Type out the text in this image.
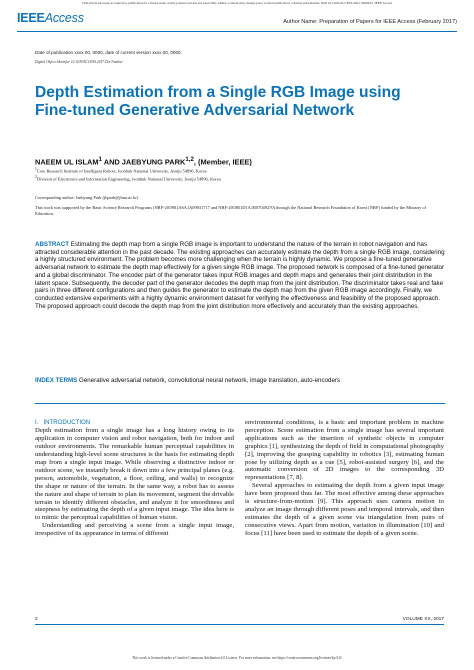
This article has been accepted for publication in a future issue of this journal, but has not been fully edited. Content may change prior to final publication. Citation information: DOI 10.1109/ACCESS.2021.3060435, IEEE Access
IEEEAccess	Author Name: Preparation of Papers for IEEE Access (February 2017)
Date of publication xxxx 00, 0000, date of current version xxxx 00, 0000.
Digital Object Identifier 10.1109/ACCESS.2017.Doi Number
Depth Estimation from a Single RGB Image using Fine-tuned Generative Adversarial Network
NAEEM UL ISLAM$^1$ AND JAEBYUNG PARK$^{1,2}$, (Member, IEEE)
$^1$Core Research Institute of Intelligent Robots, Jeonbuk National University, Jeonju 54896, Korea
$^2$Division of Electronics and Information Engineering, Jeonbuk National University, Jeonju 54896, Korea
Corresponding author: Jaebyung Park (jbpark@jbnu.ac.kr)
This work was supported by the Basic Science Research Programs (NRF-2019R1A6A1A09031717 and NRF-2018R1D1A1B07049270) through the National Research Foundation of Korea (NRF) funded by the Ministry of Education.
ABSTRACT Estimating the depth map from a single RGB image is important to understand the nature of the terrain in robot navigation and has attracted considerable attention in the past decade. The existing approaches can accurately estimate the depth from a single RGB image, considering a highly structured environment. The problem becomes more challenging when the terrain is highly dynamic. We propose a fine-tuned generative adversarial network to estimate the depth map effectively for a given single RGB image. The proposed network is composed of a fine-tuned generator and a global discriminator. The encoder part of the generator takes input RGB images and depth maps and generates their joint distribution in the latent space. Subsequently, the decoder part of the generator decodes the depth map from the joint distribution. The discriminator takes real and fake pairs in three different configurations and then guides the generator to estimate the depth map from the given RGB image accordingly. Finally, we conducted extensive experiments with a highly dynamic environment dataset for verifying the effectiveness and feasibility of the proposed approach. The proposed approach could decode the depth map from the joint distribution more effectively and accurately than the existing approaches.
INDEX TERMS Generative adversarial network, convolutional neural network, image translation, auto-encoders
I.   INTRODUCTION

Depth estimation from a single image has a long history owing to its application in computer vision and robot navigation, both for indoor and outdoor environments. The remarkable human perceptual capabilities in understanding high-level scene structures is the basis for estimating depth map from a single input image. While observing a distinctive indoor or outdoor scene, we instantly break it down into a few principal planes (e.g. person, automobile, vegetation, a floor, ceiling, and walls) to recognize the shape or nature of the terrain. In the same way, a robot has to assess the nature and shape of terrain to plan its movement, segment the drivable terrain to identify different obstacles, and analyze it for smoothness and steepness by estimating the depth of a given input image. The idea here is to mimic the perceptual capabilities of human vision.

Understanding and perceiving a scene from a single input image, irrespective of its appearance in terms of different

environmental conditions, is a basic and important problem in machine perception. Scene estimation from a single image has several important applications such as the insertion of synthetic objects in computer graphics [1], synthesizing the depth of field in computational photography [2], improving the grasping capability in robotics [3], estimating human pose by utilizing depth as a cue [5], robot-assisted surgery [6], and the automatic conversion of 2D images to the corresponding 3D representations [7, 8].

Several approaches to estimating the depth from a given input image have been proposed thus far. The most effective among these approaches is structure-from-motion [9]. This approach uses camera motion to analyze an image through different poses and temporal intervals, and then estimates the depth of a given scene via triangulation from pairs of consecutive views. Apart from motion, variation in illumination [10] and focus [11] have been used to estimate the depth of a given scene.

2	VOLUME XX, 2017
This work is licensed under a Creative Commons Attribution 4.0 License. For more information, see https://creativecommons.org/licenses/by/4.0/
